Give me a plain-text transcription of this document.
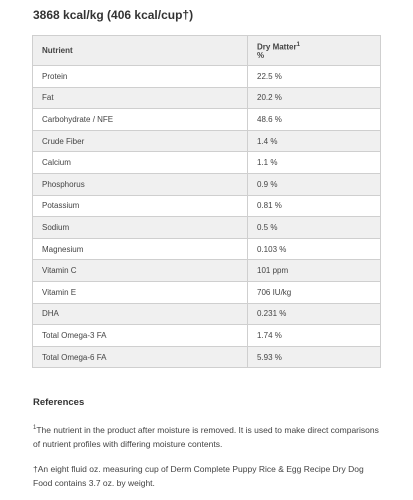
3868 kcal/kg (406 kcal/cup†)
Nutrient	Dry Matter$^1$
%
Protein	22.5 %
Fat	20.2 %
Carbohydrate / NFE	48.6 %
Crude Fiber	1.4 %
Calcium	1.1 %
Phosphorus	0.9 %
Potassium	0.81 %
Sodium	0.5 %
Magnesium	0.103 %
Vitamin C	101 ppm
Vitamin E	706 IU/kg
DHA	0.231 %
Total Omega-3 FA	1.74 %
Total Omega-6 FA	5.93 %
References
$^1$The nutrient in the product after moisture is removed. It is used to make direct comparisons of nutrient profiles with differing moisture contents.
†An eight fluid oz. measuring cup of Derm Complete Puppy Rice & Egg Recipe Dry Dog Food contains 3.7 oz. by weight.
